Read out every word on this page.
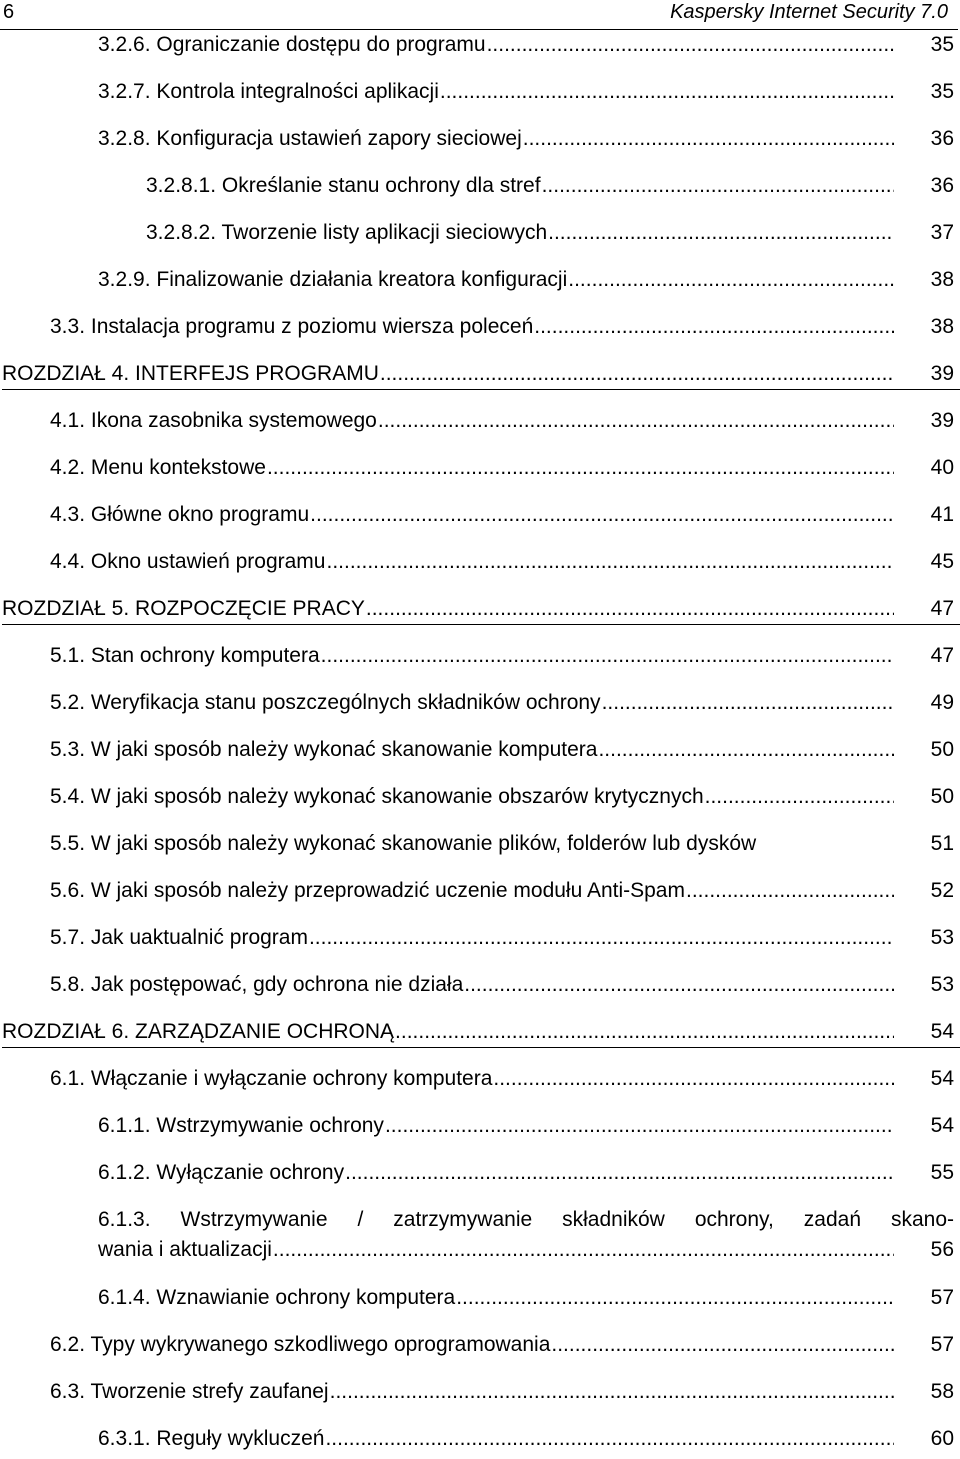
6	Kaspersky Internet Security 7.0
3.2.6. Ograniczanie dostępu do programu .....	35
3.2.7. Kontrola integralności aplikacji .....	35
3.2.8. Konfiguracja ustawień zapory sieciowej .....	36
3.2.8.1. Określanie stanu ochrony dla stref .....	36
3.2.8.2. Tworzenie listy aplikacji sieciowych .....	37
3.2.9. Finalizowanie działania kreatora konfiguracji .....	38
3.3. Instalacja programu z poziomu wiersza poleceń .....	38
ROZDZIAŁ 4. INTERFEJS PROGRAMU .....	39
4.1. Ikona zasobnika systemowego .....	39
4.2. Menu kontekstowe .....	40
4.3. Główne okno programu .....	41
4.4. Okno ustawień programu .....	45
ROZDZIAŁ 5. ROZPOCZĘCIE PRACY .....	47
5.1. Stan ochrony komputera .....	47
5.2. Weryfikacja stanu poszczególnych składników ochrony .....	49
5.3. W jaki sposób należy wykonać skanowanie komputera .....	50
5.4. W jaki sposób należy wykonać skanowanie obszarów krytycznych .....	50
5.5. W jaki sposób należy wykonać skanowanie plików, folderów lub dysków	51
5.6. W jaki sposób należy przeprowadzić uczenie modułu Anti-Spam .....	52
5.7. Jak uaktualnić program .....	53
5.8. Jak postępować, gdy ochrona nie działa .....	53
ROZDZIAŁ 6. ZARZĄDZANIE OCHRONĄ .....	54
6.1. Włączanie i wyłączanie ochrony komputera .....	54
6.1.1. Wstrzymywanie ochrony .....	54
6.1.2. Wyłączanie ochrony .....	55
6.1.3. Wstrzymywanie / zatrzymywanie składników ochrony, zadań skano-
wania i aktualizacji .....	56
6.1.4. Wznawianie ochrony komputera .....	57
6.2. Typy wykrywanego szkodliwego oprogramowania .....	57
6.3. Tworzenie strefy zaufanej .....	58
6.3.1. Reguły wykluczeń .....	60
